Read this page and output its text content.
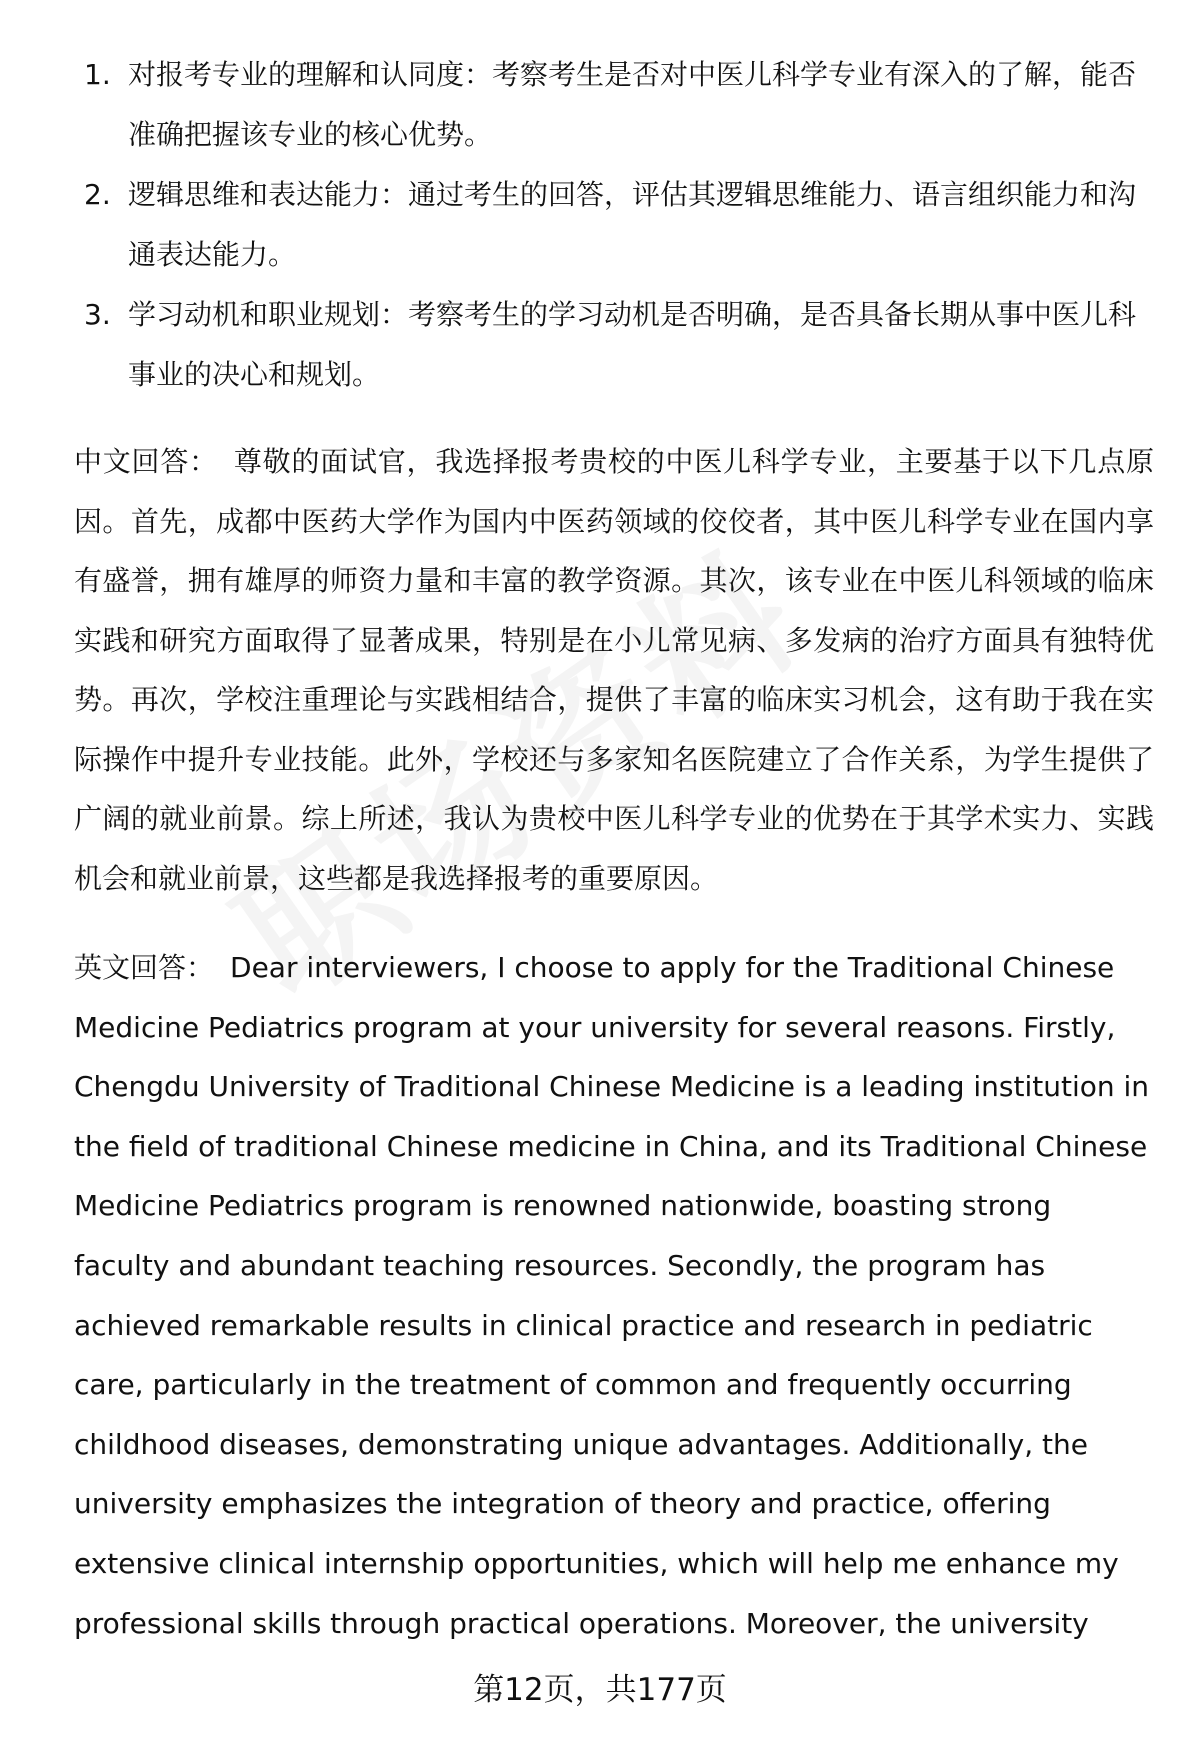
1. 对报考专业的理解和认同度：考察考生是否对中医儿科学专业有深入的了解，能否准确把握该专业的核心优势。
2. 逻辑思维和表达能力：通过考生的回答，评估其逻辑思维能力、语言组织能力和沟通表达能力。
3. 学习动机和职业规划：考察考生的学习动机是否明确，是否具备长期从事中医儿科事业的决心和规划。

中文回答： 尊敬的面试官，我选择报考贵校的中医儿科学专业，主要基于以下几点原因。首先，成都中医药大学作为国内中医药领域的佼佼者，其中医儿科学专业在国内享有盛誉，拥有雄厚的师资力量和丰富的教学资源。其次，该专业在中医儿科领域的临床实践和研究方面取得了显著成果，特别是在小儿常见病、多发病的治疗方面具有独特优势。再次，学校注重理论与实践相结合，提供了丰富的临床实习机会，这有助于我在实际操作中提升专业技能。此外，学校还与多家知名医院建立了合作关系，为学生提供了广阔的就业前景。综上所述，我认为贵校中医儿科学专业的优势在于其学术实力、实践机会和就业前景，这些都是我选择报考的重要原因。

英文回答： Dear interviewers, I choose to apply for the Traditional Chinese Medicine Pediatrics program at your university for several reasons. Firstly, Chengdu University of Traditional Chinese Medicine is a leading institution in the field of traditional Chinese medicine in China, and its Traditional Chinese Medicine Pediatrics program is renowned nationwide, boasting strong faculty and abundant teaching resources. Secondly, the program has achieved remarkable results in clinical practice and research in pediatric care, particularly in the treatment of common and frequently occurring childhood diseases, demonstrating unique advantages. Additionally, the university emphasizes the integration of theory and practice, offering extensive clinical internship opportunities, which will help me enhance my professional skills through practical operations. Moreover, the university

第12页，共177页
